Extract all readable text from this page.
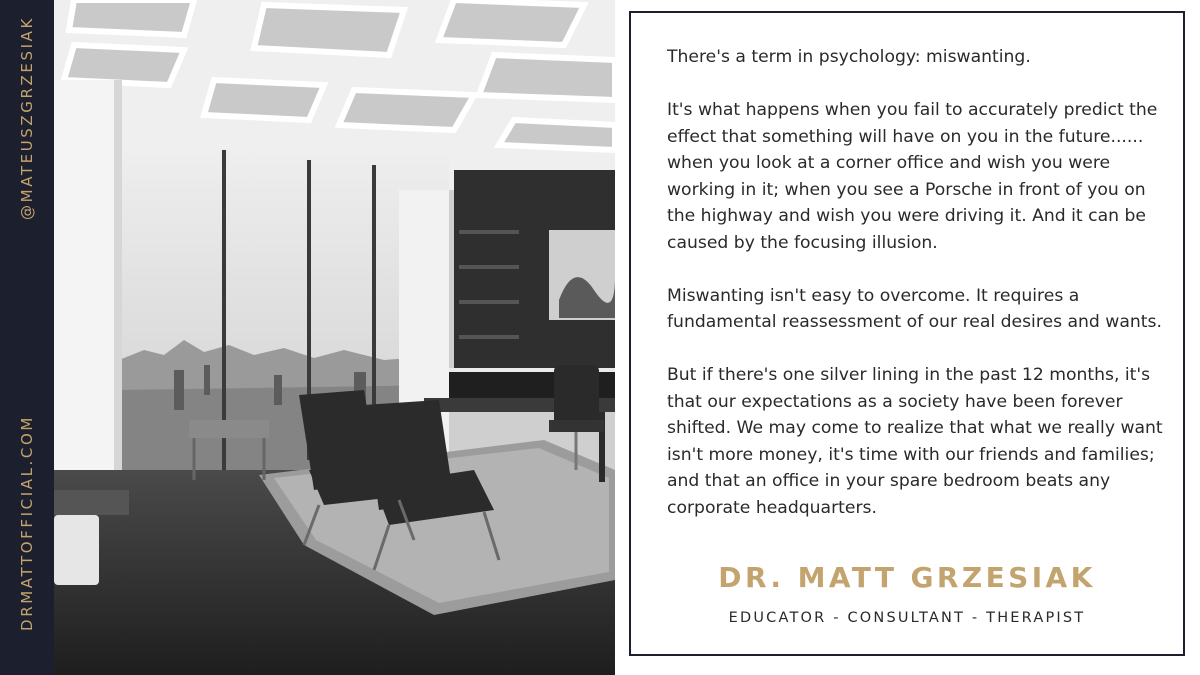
@MATEUSZGRZESIAK
DRMATTOFFICIAL.COM

There's a term in psychology: miswanting.

It's what happens when you fail to accurately predict the effect that something will have on you in the future...... when you look at a corner office and wish you were working in it; when you see a Porsche in front of you on the highway and wish you were driving it. And it can be caused by the focusing illusion.

Miswanting isn't easy to overcome. It requires a fundamental reassessment of our real desires and wants.

But if there's one silver lining in the past 12 months, it's that our expectations as a society have been forever shifted. We may come to realize that what we really want isn't more money, it's time with our friends and families; and that an office in your spare bedroom beats any corporate headquarters.

DR. MATT GRZESIAK
EDUCATOR - CONSULTANT - THERAPIST
